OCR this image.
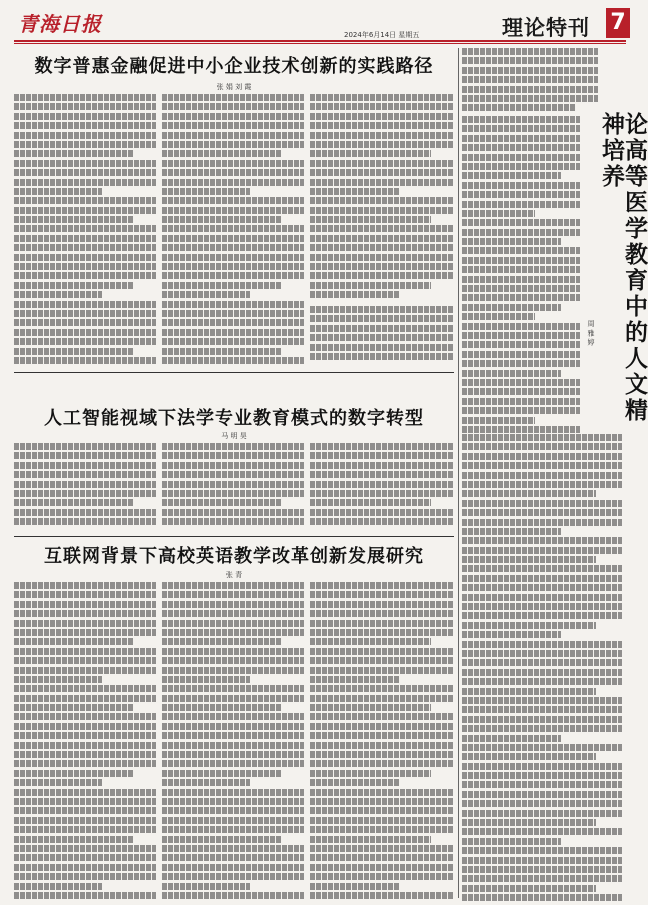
青海日报	2024年6月14日 星期五	理论特刊 7
数字普惠金融促进中小企业技术创新的实践路径
张 娟 刘 霞
人工智能视域下法学专业教育模式的数字转型
马 明 昊
互联网背景下高校英语教学改革创新发展研究
张 青
论高等医学教育中的人文精神培养
周 雅 婷
